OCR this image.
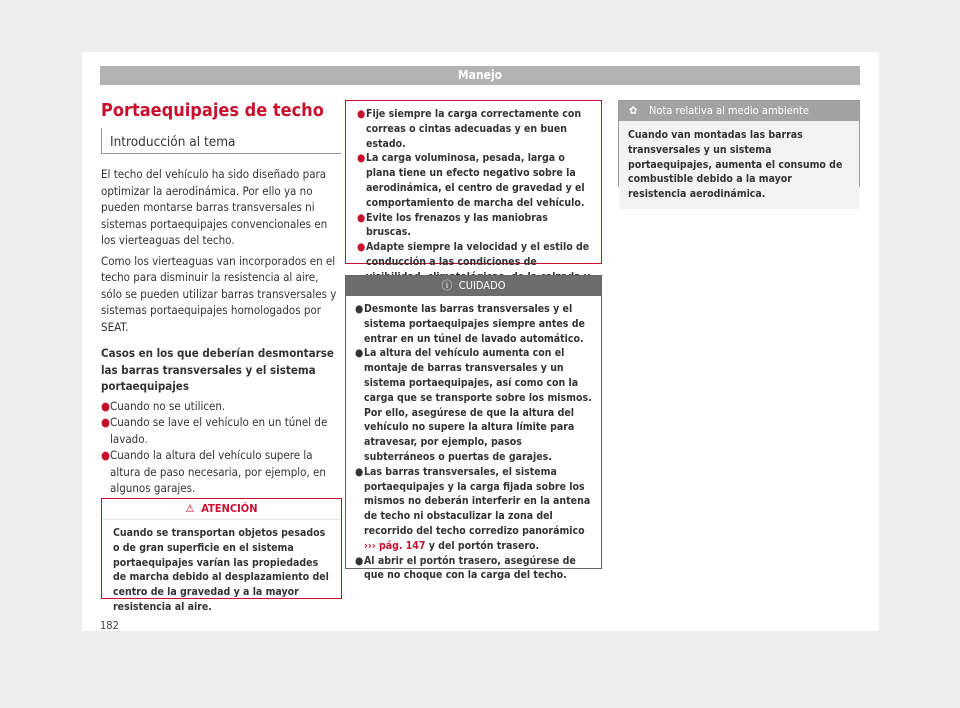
Manejo
Portaequipajes de techo
Introducción al tema

El techo del vehículo ha sido diseñado para optimizar la aerodinámica. Por ello ya no pueden montarse barras transversales ni sistemas portaequipajes convencionales en los vierteaguas del techo.

Como los vierteaguas van incorporados en el techo para disminuir la resistencia al aire, sólo se pueden utilizar barras transversales y sistemas portaequipajes homologados por SEAT.

Casos en los que deberían desmontarse las barras transversales y el sistema portaequipajes

● Cuando no se utilicen.
● Cuando se lave el vehículo en un túnel de lavado.
● Cuando la altura del vehículo supere la altura de paso necesaria, por ejemplo, en algunos garajes.
⚠ ATENCIÓN
Cuando se transportan objetos pesados o de gran superficie en el sistema portaequipajes varían las propiedades de marcha debido al desplazamiento del centro de la gravedad y a la mayor resistencia al aire.
● Fije siempre la carga correctamente con correas o cintas adecuadas y en buen estado.
● La carga voluminosa, pesada, larga o plana tiene un efecto negativo sobre la aerodinámica, el centro de gravedad y el comportamiento de marcha del vehículo.
● Evite los frenazos y las maniobras bruscas.
● Adapte siempre la velocidad y el estilo de conducción a las condiciones de
ⓘ CUIDADO
● Desmonte las barras transversales y el sistema portaequipajes siempre antes de entrar en un túnel de lavado automático.
● La altura del vehículo aumenta con el montaje de barras transversales y un sistema portaequipajes, así como con la carga que se transporte sobre los mismos. Por ello, asegúrese de que la altura del vehículo no supere la altura límite para atravesar, por ejemplo, pasos subterráneos o puertas de garajes.
● Las barras transversales, el sistema portaequipajes y la carga fijada sobre los mismos no deberán interferir en la antena de techo ni obstaculizar la zona del recorrido del techo corredizo panorámico ››› pág. 147 y del portón trasero.
● Al abrir el portón trasero, asegúrese de que no choque con la carga del techo.
✿ Nota relativa al medio ambiente
Cuando van montadas las barras transversales y un sistema portaequipajes, aumenta el consumo de combustible debido a la mayor resistencia aerodinámica.
182
